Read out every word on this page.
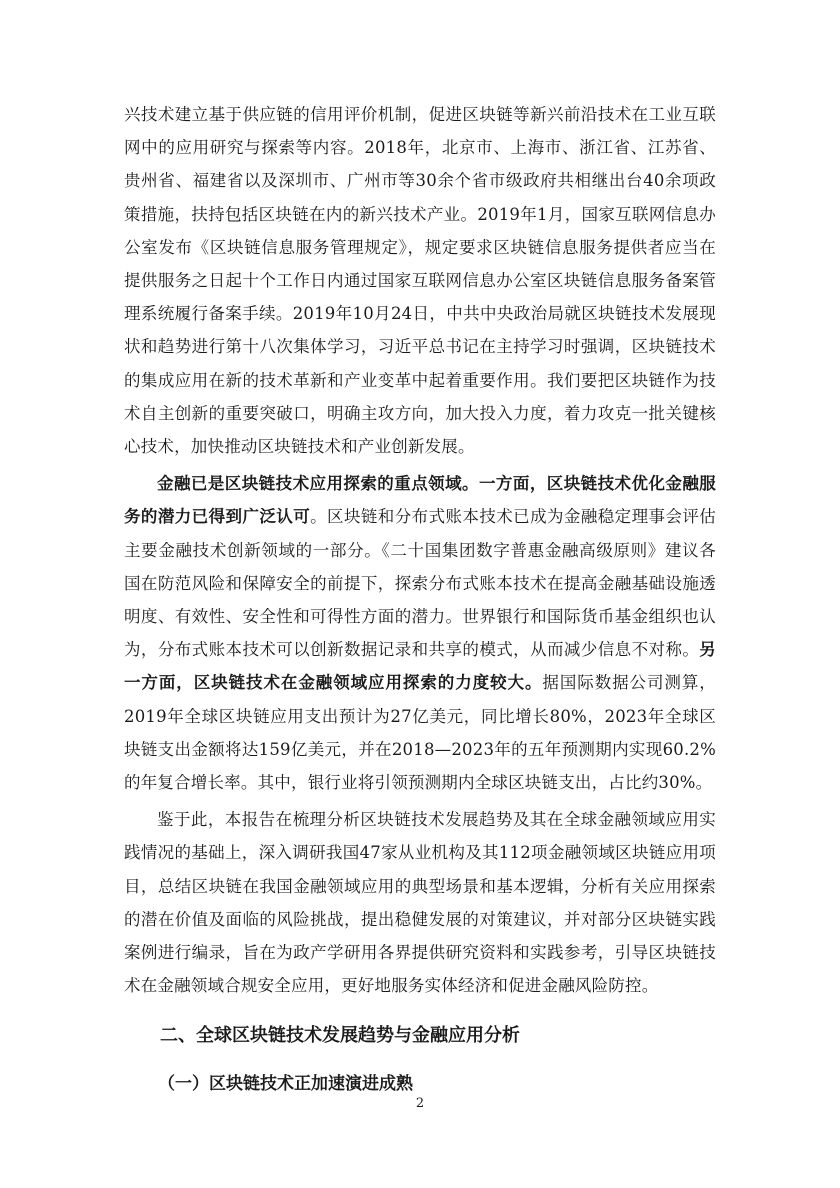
兴技术建立基于供应链的信用评价机制，促进区块链等新兴前沿技术在工业互联网中的应用研究与探索等内容。2018年，北京市、上海市、浙江省、江苏省、贵州省、福建省以及深圳市、广州市等30余个省市级政府共相继出台40余项政策措施，扶持包括区块链在内的新兴技术产业。2019年1月，国家互联网信息办公室发布《区块链信息服务管理规定》，规定要求区块链信息服务提供者应当在提供服务之日起十个工作日内通过国家互联网信息办公室区块链信息服务备案管理系统履行备案手续。2019年10月24日，中共中央政治局就区块链技术发展现状和趋势进行第十八次集体学习，习近平总书记在主持学习时强调，区块链技术的集成应用在新的技术革新和产业变革中起着重要作用。我们要把区块链作为技术自主创新的重要突破口，明确主攻方向，加大投入力度，着力攻克一批关键核心技术，加快推动区块链技术和产业创新发展。

金融已是区块链技术应用探索的重点领域。一方面，区块链技术优化金融服务的潜力已得到广泛认可。区块链和分布式账本技术已成为金融稳定理事会评估主要金融技术创新领域的一部分。《二十国集团数字普惠金融高级原则》建议各国在防范风险和保障安全的前提下，探索分布式账本技术在提高金融基础设施透明度、有效性、安全性和可得性方面的潜力。世界银行和国际货币基金组织也认为，分布式账本技术可以创新数据记录和共享的模式，从而减少信息不对称。另一方面，区块链技术在金融领域应用探索的力度较大。据国际数据公司测算，2019年全球区块链应用支出预计为27亿美元，同比增长80%，2023年全球区块链支出金额将达159亿美元，并在2018—2023年的五年预测期内实现60.2%的年复合增长率。其中，银行业将引领预测期内全球区块链支出，占比约30%。

鉴于此，本报告在梳理分析区块链技术发展趋势及其在全球金融领域应用实践情况的基础上，深入调研我国47家从业机构及其112项金融领域区块链应用项目，总结区块链在我国金融领域应用的典型场景和基本逻辑，分析有关应用探索的潜在价值及面临的风险挑战，提出稳健发展的对策建议，并对部分区块链实践案例进行编录，旨在为政产学研用各界提供研究资料和实践参考，引导区块链技术在金融领域合规安全应用，更好地服务实体经济和促进金融风险防控。

二、全球区块链技术发展趋势与金融应用分析
（一）区块链技术正加速演进成熟
2
